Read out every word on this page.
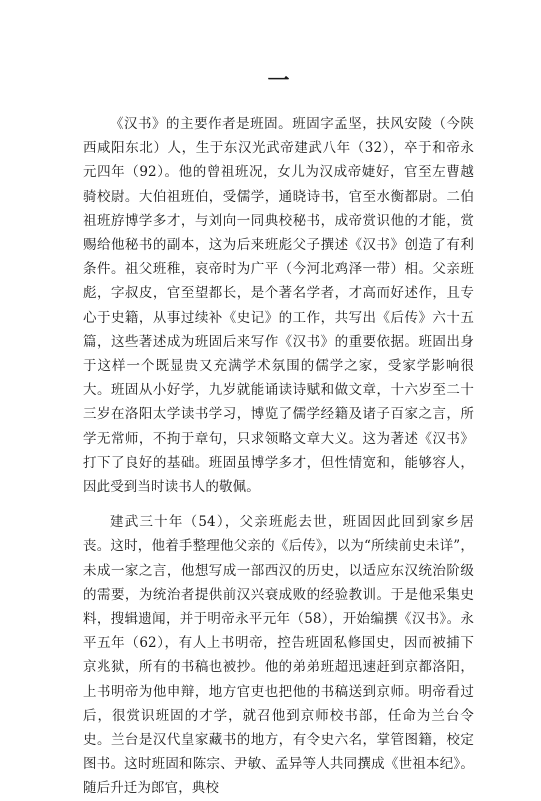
一

《汉书》的主要作者是班固。班固字孟坚，扶风安陵（今陕西咸阳东北）人，生于东汉光武帝建武八年（32），卒于和帝永元四年（92）。他的曾祖班况，女儿为汉成帝婕好，官至左曹越骑校尉。大伯祖班伯，受儒学，通晓诗书，官至水衡都尉。二伯祖班斿博学多才，与刘向一同典校秘书，成帝赏识他的才能，赏赐给他秘书的副本，这为后来班彪父子撰述《汉书》创造了有利条件。祖父班稚，哀帝时为广平（今河北鸡泽一带）相。父亲班彪，字叔皮，官至望都长，是个著名学者，才高而好述作，且专心于史籍，从事过续补《史记》的工作，共写出《后传》六十五篇，这些著述成为班固后来写作《汉书》的重要依据。班固出身于这样一个既显贵又充满学术氛围的儒学之家，受家学影响很大。班固从小好学，九岁就能诵读诗赋和做文章，十六岁至二十三岁在洛阳太学读书学习，博览了儒学经籍及诸子百家之言，所学无常师，不拘于章句，只求领略文章大义。这为著述《汉书》打下了良好的基础。班固虽博学多才，但性情宽和，能够容人，因此受到当时读书人的敬佩。

建武三十年（54），父亲班彪去世，班固因此回到家乡居丧。这时，他着手整理他父亲的《后传》，以为“所续前史未详”，未成一家之言，他想写成一部西汉的历史，以适应东汉统治阶级的需要，为统治者提供前汉兴衰成败的经验教训。于是他采集史料，搜辑遗闻，并于明帝永平元年（58），开始编撰《汉书》。永平五年（62），有人上书明帝，控告班固私修国史，因而被捕下京兆狱，所有的书稿也被抄。他的弟弟班超迅速赶到京都洛阳，上书明帝为他申辩，地方官吏也把他的书稿送到京师。明帝看过后，很赏识班固的才学，就召他到京师校书部，任命为兰台令史。兰台是汉代皇家藏书的地方，有令史六名，掌管图籍，校定图书。这时班固和陈宗、尹敏、孟异等人共同撰成《世祖本纪》。随后升迁为郎官，典校
